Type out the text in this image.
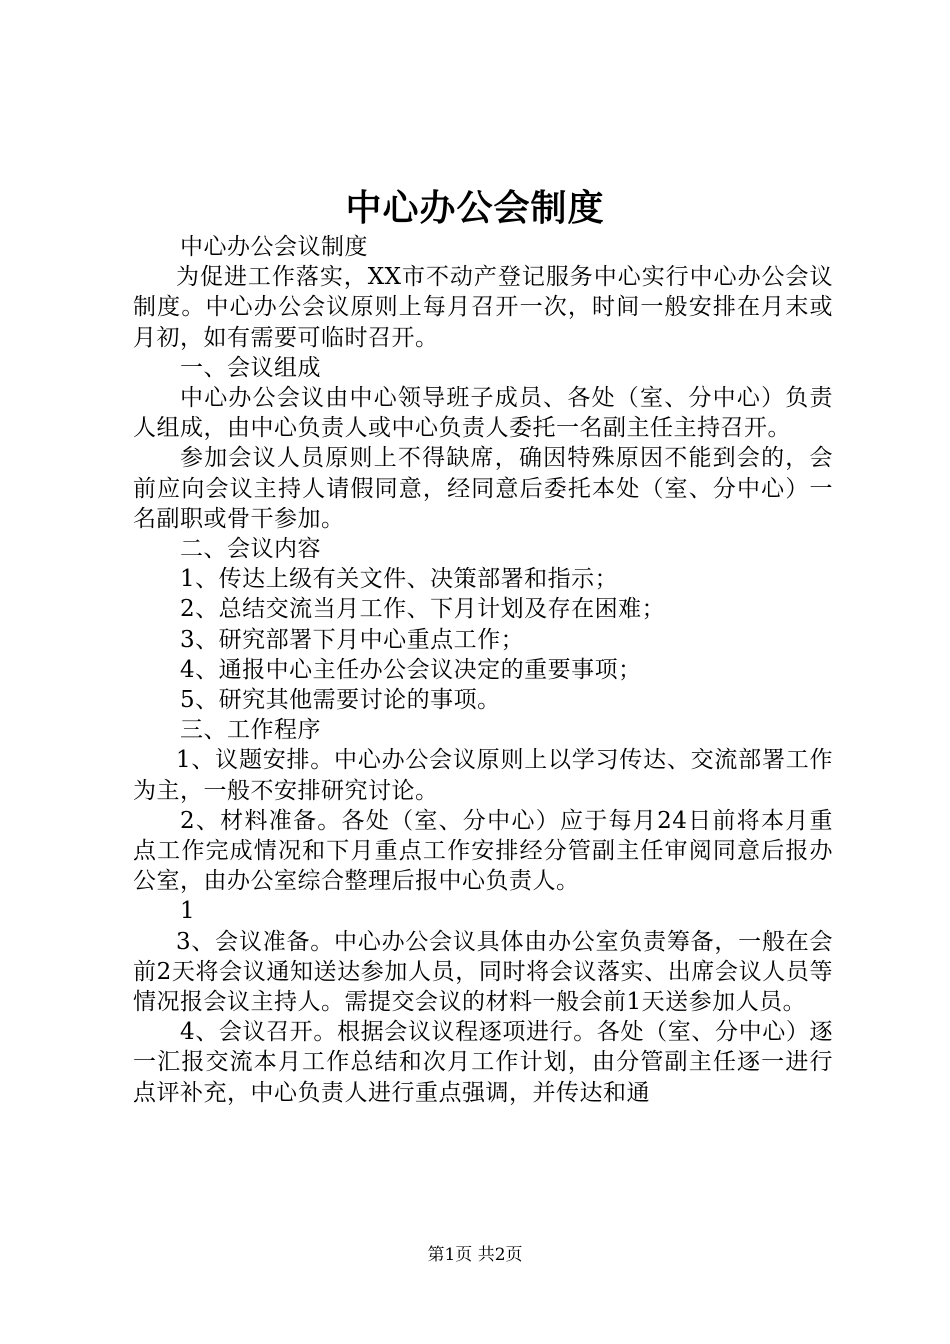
中心办公会制度

中心办公会议制度

为促进工作落实，XX市不动产登记服务中心实行中心办公会议制度。中心办公会议原则上每月召开一次，时间一般安排在月末或月初，如有需要可临时召开。

一、会议组成

中心办公会议由中心领导班子成员、各处（室、分中心）负责人组成，由中心负责人或中心负责人委托一名副主任主持召开。

参加会议人员原则上不得缺席，确因特殊原因不能到会的，会前应向会议主持人请假同意，经同意后委托本处（室、分中心）一名副职或骨干参加。

二、会议内容

1、传达上级有关文件、决策部署和指示；

2、总结交流当月工作、下月计划及存在困难；

3、研究部署下月中心重点工作；

4、通报中心主任办公会议决定的重要事项；

5、研究其他需要讨论的事项。

三、工作程序

1、议题安排。中心办公会议原则上以学习传达、交流部署工作为主，一般不安排研究讨论。

2、材料准备。各处（室、分中心）应于每月24日前将本月重点工作完成情况和下月重点工作安排经分管副主任审阅同意后报办公室，由办公室综合整理后报中心负责人。

1

3、会议准备。中心办公会议具体由办公室负责筹备，一般在会前2天将会议通知送达参加人员，同时将会议落实、出席会议人员等情况报会议主持人。需提交会议的材料一般会前1天送参加人员。

4、会议召开。根据会议议程逐项进行。各处（室、分中心）逐一汇报交流本月工作总结和次月工作计划，由分管副主任逐一进行点评补充，中心负责人进行重点强调，并传达和通

第1页 共2页
